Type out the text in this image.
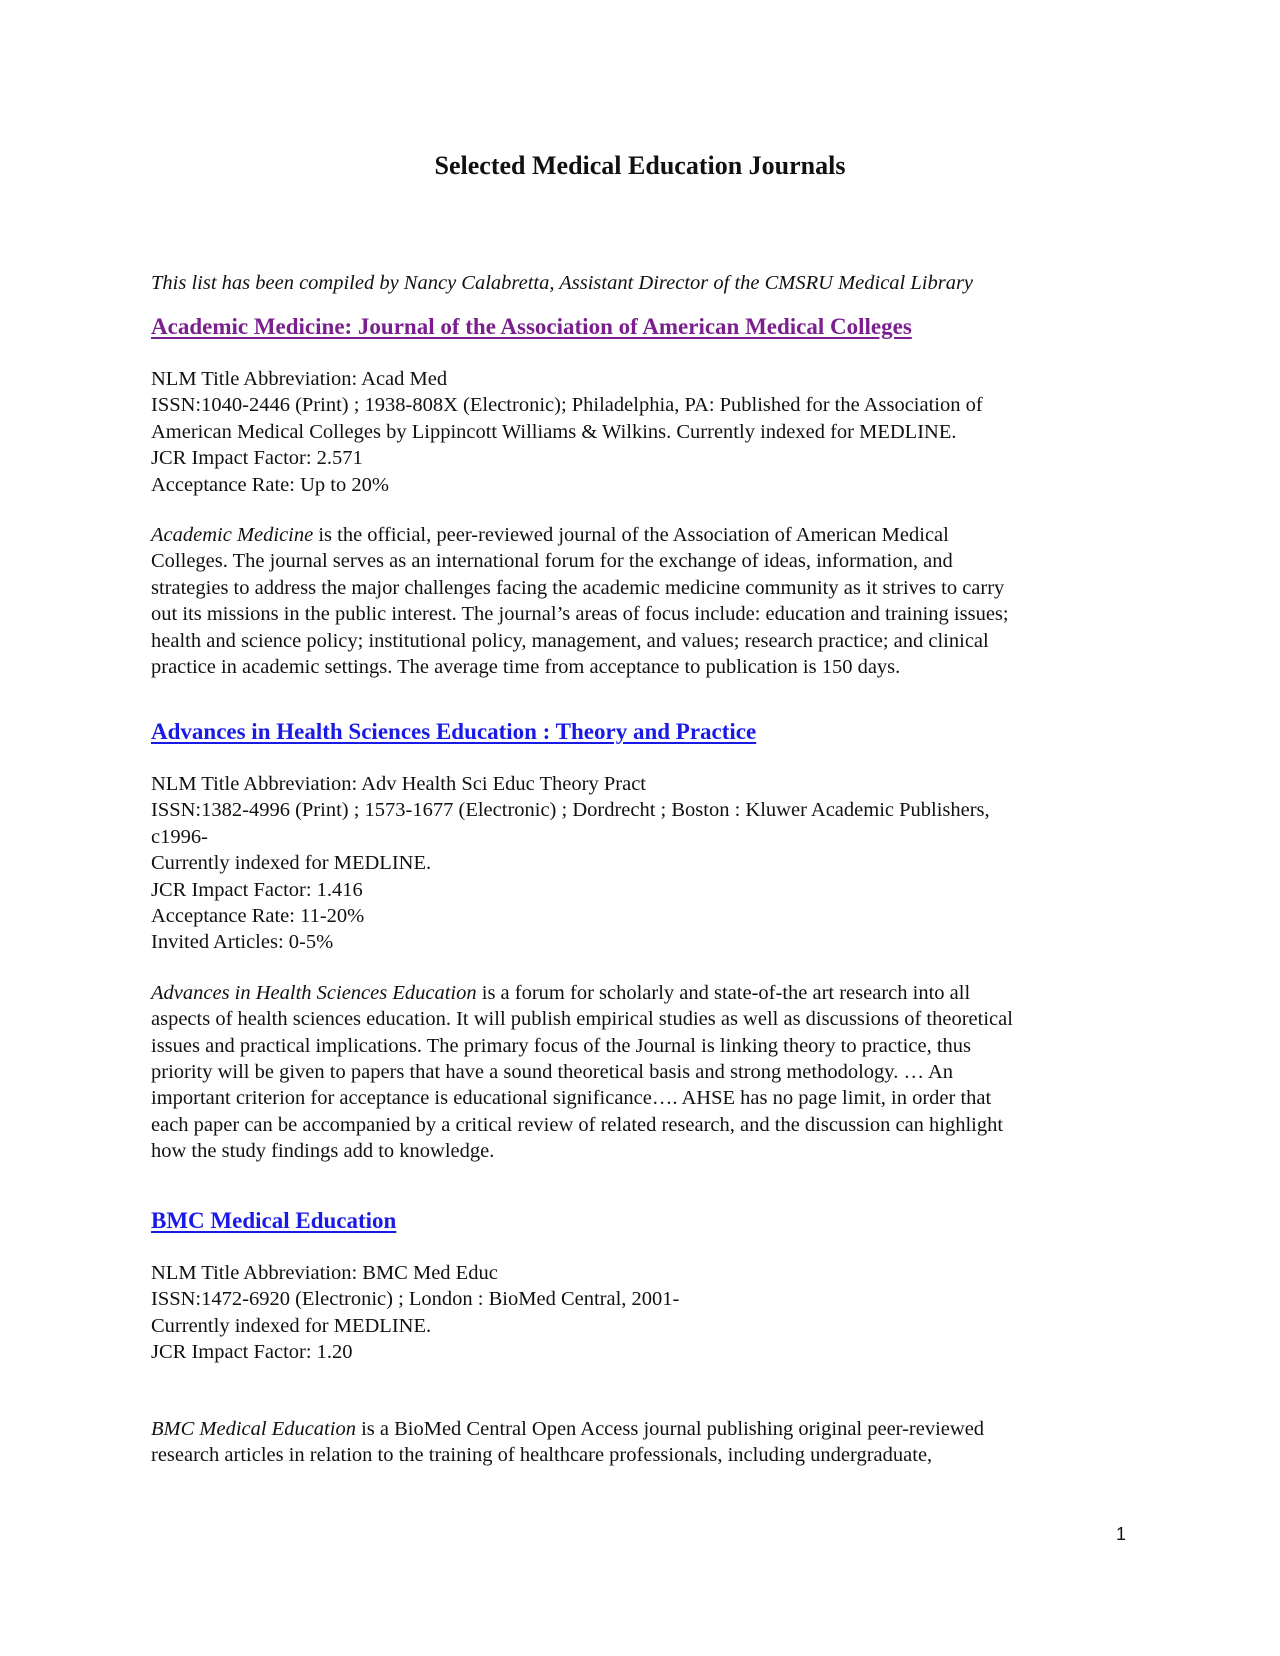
Selected Medical Education Journals
This list has been compiled by Nancy Calabretta, Assistant Director of the CMSRU Medical Library
Academic Medicine: Journal of the Association of American Medical Colleges
NLM Title Abbreviation: Acad Med
ISSN:1040-2446 (Print) ; 1938-808X (Electronic); Philadelphia, PA: Published for the Association of
American Medical Colleges by Lippincott Williams & Wilkins. Currently indexed for MEDLINE.
JCR Impact Factor: 2.571
Acceptance Rate: Up to 20%
Academic Medicine is the official, peer-reviewed journal of the Association of American Medical
Colleges. The journal serves as an international forum for the exchange of ideas, information, and
strategies to address the major challenges facing the academic medicine community as it strives to carry
out its missions in the public interest. The journal’s areas of focus include: education and training issues;
health and science policy; institutional policy, management, and values; research practice; and clinical
practice in academic settings. The average time from acceptance to publication is 150 days.
Advances in Health Sciences Education : Theory and Practice
NLM Title Abbreviation: Adv Health Sci Educ Theory Pract
ISSN:1382-4996 (Print) ; 1573-1677 (Electronic) ; Dordrecht ; Boston : Kluwer Academic Publishers,
c1996-
Currently indexed for MEDLINE.
JCR Impact Factor: 1.416
Acceptance Rate: 11-20%
Invited Articles: 0-5%
Advances in Health Sciences Education is a forum for scholarly and state-of-the art research into all
aspects of health sciences education. It will publish empirical studies as well as discussions of theoretical
issues and practical implications. The primary focus of the Journal is linking theory to practice, thus
priority will be given to papers that have a sound theoretical basis and strong methodology. … An
important criterion for acceptance is educational significance…. AHSE has no page limit, in order that
each paper can be accompanied by a critical review of related research, and the discussion can highlight
how the study findings add to knowledge.
BMC Medical Education
NLM Title Abbreviation: BMC Med Educ
ISSN:1472-6920 (Electronic) ; London : BioMed Central, 2001-
Currently indexed for MEDLINE.
JCR Impact Factor: 1.20
BMC Medical Education is a BioMed Central Open Access journal publishing original peer-reviewed
research articles in relation to the training of healthcare professionals, including undergraduate,
1
